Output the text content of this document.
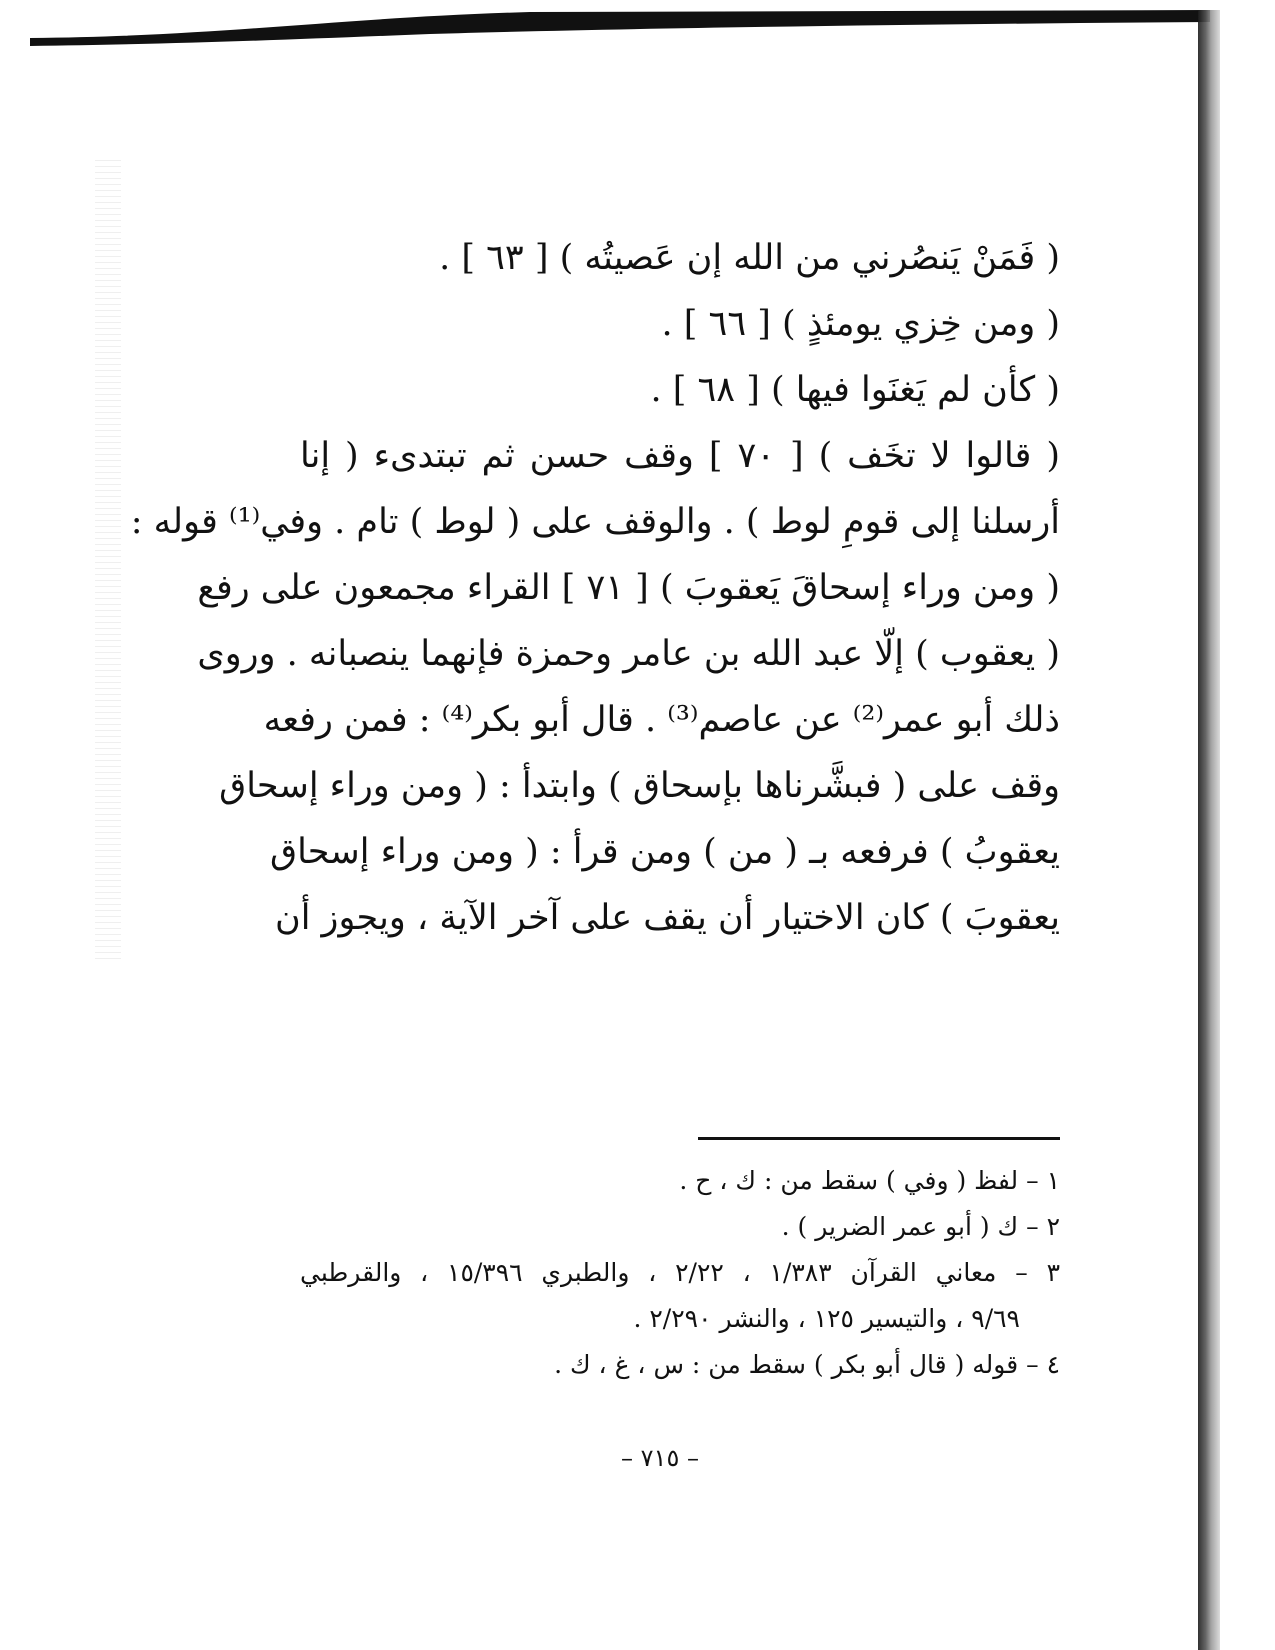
( فَمَنْ يَنصُرني من الله إن عَصيتُه ) [ ٦٣ ] .
( ومن خِزي يومئذٍ ) [ ٦٦ ] .
( كأن لم يَغنَوا فيها ) [ ٦٨ ] .
( قالوا لا تخَف ) [ ٧٠ ] وقف حسن ثم تبتدىء ( إنا
أرسلنا إلى قومِ لوط ) . والوقف على ( لوط ) تام . وفي⁽¹⁾ قوله :
( ومن وراء إسحاقَ يَعقوبَ ) [ ٧١ ] القراء مجمعون على رفع
( يعقوب ) إلّا عبد الله بن عامر وحمزة فإنهما ينصبانه . وروى
ذلك أبو عمر⁽²⁾ عن عاصم⁽³⁾ . قال أبو بكر⁽⁴⁾ : فمن رفعه
وقف على ( فبشَّرناها بإسحاق ) وابتدأ : ( ومن وراء إسحاق
يعقوبُ ) فرفعه بـ ( من ) ومن قرأ : ( ومن وراء إسحاق
يعقوبَ ) كان الاختيار أن يقف على آخر الآية ، ويجوز أن
١ – لفظ ( وفي ) سقط من : ك ، ح .
٢ – ك ( أبو عمر الضرير ) .
٣ – معاني القرآن ١/٣٨٣ ، ٢/٢٢ ، والطبري ١٥/٣٩٦ ، والقرطبي
٩/٦٩ ، والتيسير ١٢٥ ، والنشر ٢/٢٩٠ .
٤ – قوله ( قال أبو بكر ) سقط من : س ، غ ، ك .
– ٧١٥ –
